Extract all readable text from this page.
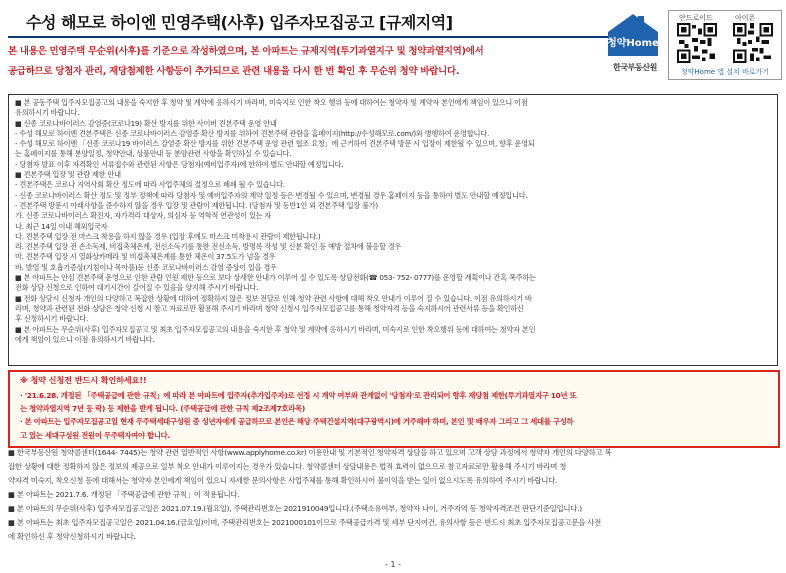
수성 해모로 하이엔 민영주택(사후) 입주자모집공고 [규제지역]
청약Home
한국부동산원
안드로이드	아이폰
청약Home 앱 설치 바로가기
본 내용은 민영주택 무순위(사후)를 기준으로 작성하였으며, 본 아파트는 규제지역(투기과열지구 및 청약과열지역)에서
공급하므로 당첨자 관리, 재당첨제한 사항등이 추가되므로 관련 내용을 다시 한 번 확인 후 무순위 청약 바랍니다.
■ 본 공동주택 입주자모집공고의 내용을 숙지한 후 청약 및 계약에 응하시기 바라며, 미숙지로 인한 착오 행위 등에 대하여는 청약자 및 계약자 본인에게 책임이 있으니 이점
유의하시기 바랍니다.
■ 신종 코로나바이러스 감염증(코로나19) 확산 방지를 위한 사이버 견본주택 운영 안내
- 수성 해모로 하이엔 견본주택은 신종 코로나바이러스 감염증 확산 방지를 위하여 견본주택 관람을 홈페이지(http://수성해모로.com/)와 병행하여 운영합니다.
- 수성 해모로 하이엔 「신종 코로나19 바이러스 감염증 확산 방지를 위한 견본주택 운영 관련 협조 요청」에 근거하여 견본주택 방문 시 입장이 제한될 수 있으며, 향후 운영되
는 홈페이지를 통해 분양일정, 청약안내, 상품안내 등 분양관련 사항을 확인하실 수 있습니다.
- 당첨자 발표 이후 자격확인 서류접수와 관련된 사항은 당첨자(예비입주자)에 한하여 별도 안내할 예정입니다.
■ 견본주택 입장 및 관람 제한 안내
- 견본주택은 코로나 지역사회 확산 정도에 따라 사업주체의 결정으로 폐쇄 될 수 있습니다.
- 신종 코로나바이러스 확산 정도 및 정부 정책에 따라 당첨자 및 예비입주자의 계약 일정 등은 변경될 수 있으며, 변경될 경우 홈페이지 등을 통하여 별도 안내할 예정입니다.
- 견본주택 방문시 아래사항을 준수하지 않을 경우 입장 및 관람이 제한됩니다. (당첨자 및 동반1인 외 견본주택 입장 불가)
가. 신종 코로나바이러스 확진자, 자가격리 대상자, 의심자 등 역학적 연관성이 있는 자
나. 최근 14일 이내 해외입국자
다. 견본주택 입장 전 마스크 착용을 하지 않을 경우 (입장 후에도 마스크 미착용시 관람이 제한됩니다.)
라. 견본주택 입장 전 손소독제, 비접촉체온계, 전신소독기를 통한 전신소독, 방명록 작성 및 신분 확인 등 예방 절차에 불응할 경우
마. 견본주택 입장 시 열화상카메라 및 비접촉체온계를 통한 체온이 37.5도가 넘을 경우
바. 발열 및 호흡기증상(기침이나 목아픔)등 신종 코로나바이러스 감염 증상이 있을 경우
■ 본 아파트는 안심 견본주택 운영으로 인한 관람 인원 제한 등으로 보다 상세한 안내가 이루어 질 수 있도록 상담전화(☎ 053- 752- 0777)를 운영할 계획이나 간혹 폭주하는
전화 상담 신청으로 인하여 대기시간이 길어질 수 있음을 양지해 주시기 바랍니다.
■ 전화 상담시 신청자 개인의 다양하고 복잡한 상황에 대하여 정확하지 않은 정보 전달로 인해 청약 관련 사항에 대해 착오 안내가 이루어 질 수 있습니다. 이점 유의하시기 바
라며, 청약과 관련된 전화 상담은 청약 신청 시 참고 자료로만 활용해 주시기 바라며 청약 신청시 입주자모집공고를 통해 청약자격 등을 숙지하시어 관련서류 등을 확인하신
후 신청하시기 바랍니다.
■ 본 아파트는 무순위(사후) 입주자모집공고 및 최초 입주자모집공고의 내용을 숙지한 후 청약 및 계약에 응하시기 바라며, 미숙지로 인한 착오행위 등에 대하여는 청약자 본인
에게 책임이 있으니 이점 유의하시기 바랍니다.
※ 청약 신청전 반드시 확인하세요!!
· '21.6.28. 개정된 「주택공급에 관한 규칙」에 따라 본 아파트에 입주자(추가입주자)로 선정 시 계약 여부와 관계없이 '당첨자'로 관리되어 향후 재당첨 제한(투기과열지구 10년 또
는 청약과열지역 7년 등 락) 등 제한을 받게 됩니다. (주택공급에 관한 규칙 제2조제7호라목)
· 본 아파트는 입주자모집공고일 현재 무주택세대구성원 중 성년자에게 공급하므로 본인은 해당 주택건설지역(대구광역시)에 거주해야 하며, 본인 및 배우자 그리고 그 세대를 구성하
고 있는 세대구성원 전원이 무주택자여야 합니다.
■ 한국부동산원 청약콜센터(1644- 7445)는 청약 관련 일반적인 사항(www.applyhome.co.kr) 이용안내 및 기본적인 청약자격 상담을 하고 있으며 고객 상담 과정에서 청약자 개인의 다양하고 복
잡한 상황에 대한 정확하지 않은 정보의 제공으로 일부 착오 안내가 이루어지는 경우가 있습니다. 청약콜센터 상담내용은 법적 효력이 없으므로 참고자료로만 활용해 주시기 바라며 청
약자격 미숙지, 착오신청 등에 대해서는 청약자 본인에게 책임이 있으니 자세한 문의사항은 사업주체를 통해 확인하시어 불이익을 받는 일이 없으시도록 유의하여 주시기 바랍니다.
■ 본 아파트는 2021.7.6. 개정된 「주택공급에 관한 규칙」이 적용됩니다.
■ 본 아파트의 무순위(사후) 입주자모집공고일은 2021.07.19.(월요일), 주택관리번호는 2021910049입니다.(주택소유여부, 청약자 나이, 거주지역 등 청약자격조건 판단기준일입니다.)
■ 본 아파트는 최초 입주자모집공고일은 2021.04.16.(금요일)이며, 주택관리번호는 2021000101이므로 주택공급가격 및 세부 단지여건, 유의사항 등은 반드시 최초 입주자모집공고문을 사전
에 확인하신 후 청약신청하시기 바랍니다.
- 1 -
